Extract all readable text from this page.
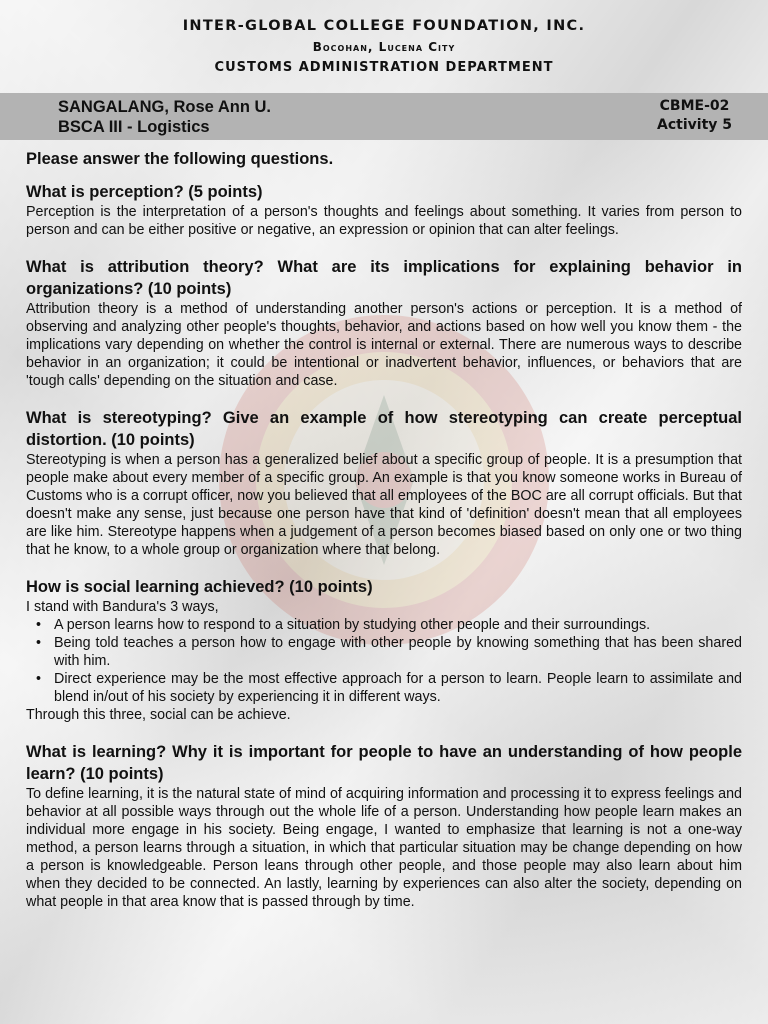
INTER-GLOBAL COLLEGE FOUNDATION, INC.
Bocohan, Lucena City
CUSTOMS ADMINISTRATION DEPARTMENT
SANGALANG, Rose Ann U.
BSCA III - Logistics
CBME-02
Activity 5

Please answer the following questions.

What is perception? (5 points)

Perception is the interpretation of a person's thoughts and feelings about something. It varies from person to person and can be either positive or negative, an expression or opinion that can alter feelings.

What is attribution theory? What are its implications for explaining behavior in organizations? (10 points)

Attribution theory is a method of understanding another person's actions or perception. It is a method of observing and analyzing other people's thoughts, behavior, and actions based on how well you know them - the implications vary depending on whether the control is internal or external. There are numerous ways to describe behavior in an organization; it could be intentional or inadvertent behavior, influences, or behaviors that are 'tough calls' depending on the situation and case.

What is stereotyping? Give an example of how stereotyping can create perceptual distortion. (10 points)

Stereotyping is when a person has a generalized belief about a specific group of people. It is a presumption that people make about every member of a specific group. An example is that you know someone works in Bureau of Customs who is a corrupt officer, now you believed that all employees of the BOC are all corrupt officials. But that doesn't make any sense, just because one person have that kind of 'definition' doesn't mean that all employees are like him. Stereotype happens when a judgement of a person becomes biased based on only one or two thing that he know, to a whole group or organization where that belong.

How is social learning achieved? (10 points)

I stand with Bandura's 3 ways,

• A person learns how to respond to a situation by studying other people and their surroundings.
• Being told teaches a person how to engage with other people by knowing something that has been shared with him.
• Direct experience may be the most effective approach for a person to learn. People learn to assimilate and blend in/out of his society by experiencing it in different ways.

Through this three, social can be achieve.

What is learning? Why it is important for people to have an understanding of how people learn? (10 points)

To define learning, it is the natural state of mind of acquiring information and processing it to express feelings and behavior at all possible ways through out the whole life of a person. Understanding how people learn makes an individual more engage in his society. Being engage, I wanted to emphasize that learning is not a one-way method, a person learns through a situation, in which that particular situation may be change depending on how a person is knowledgeable. Person leans through other people, and those people may also learn about him when they decided to be connected. An lastly, learning by experiences can also alter the society, depending on what people in that area know that is passed through by time.
